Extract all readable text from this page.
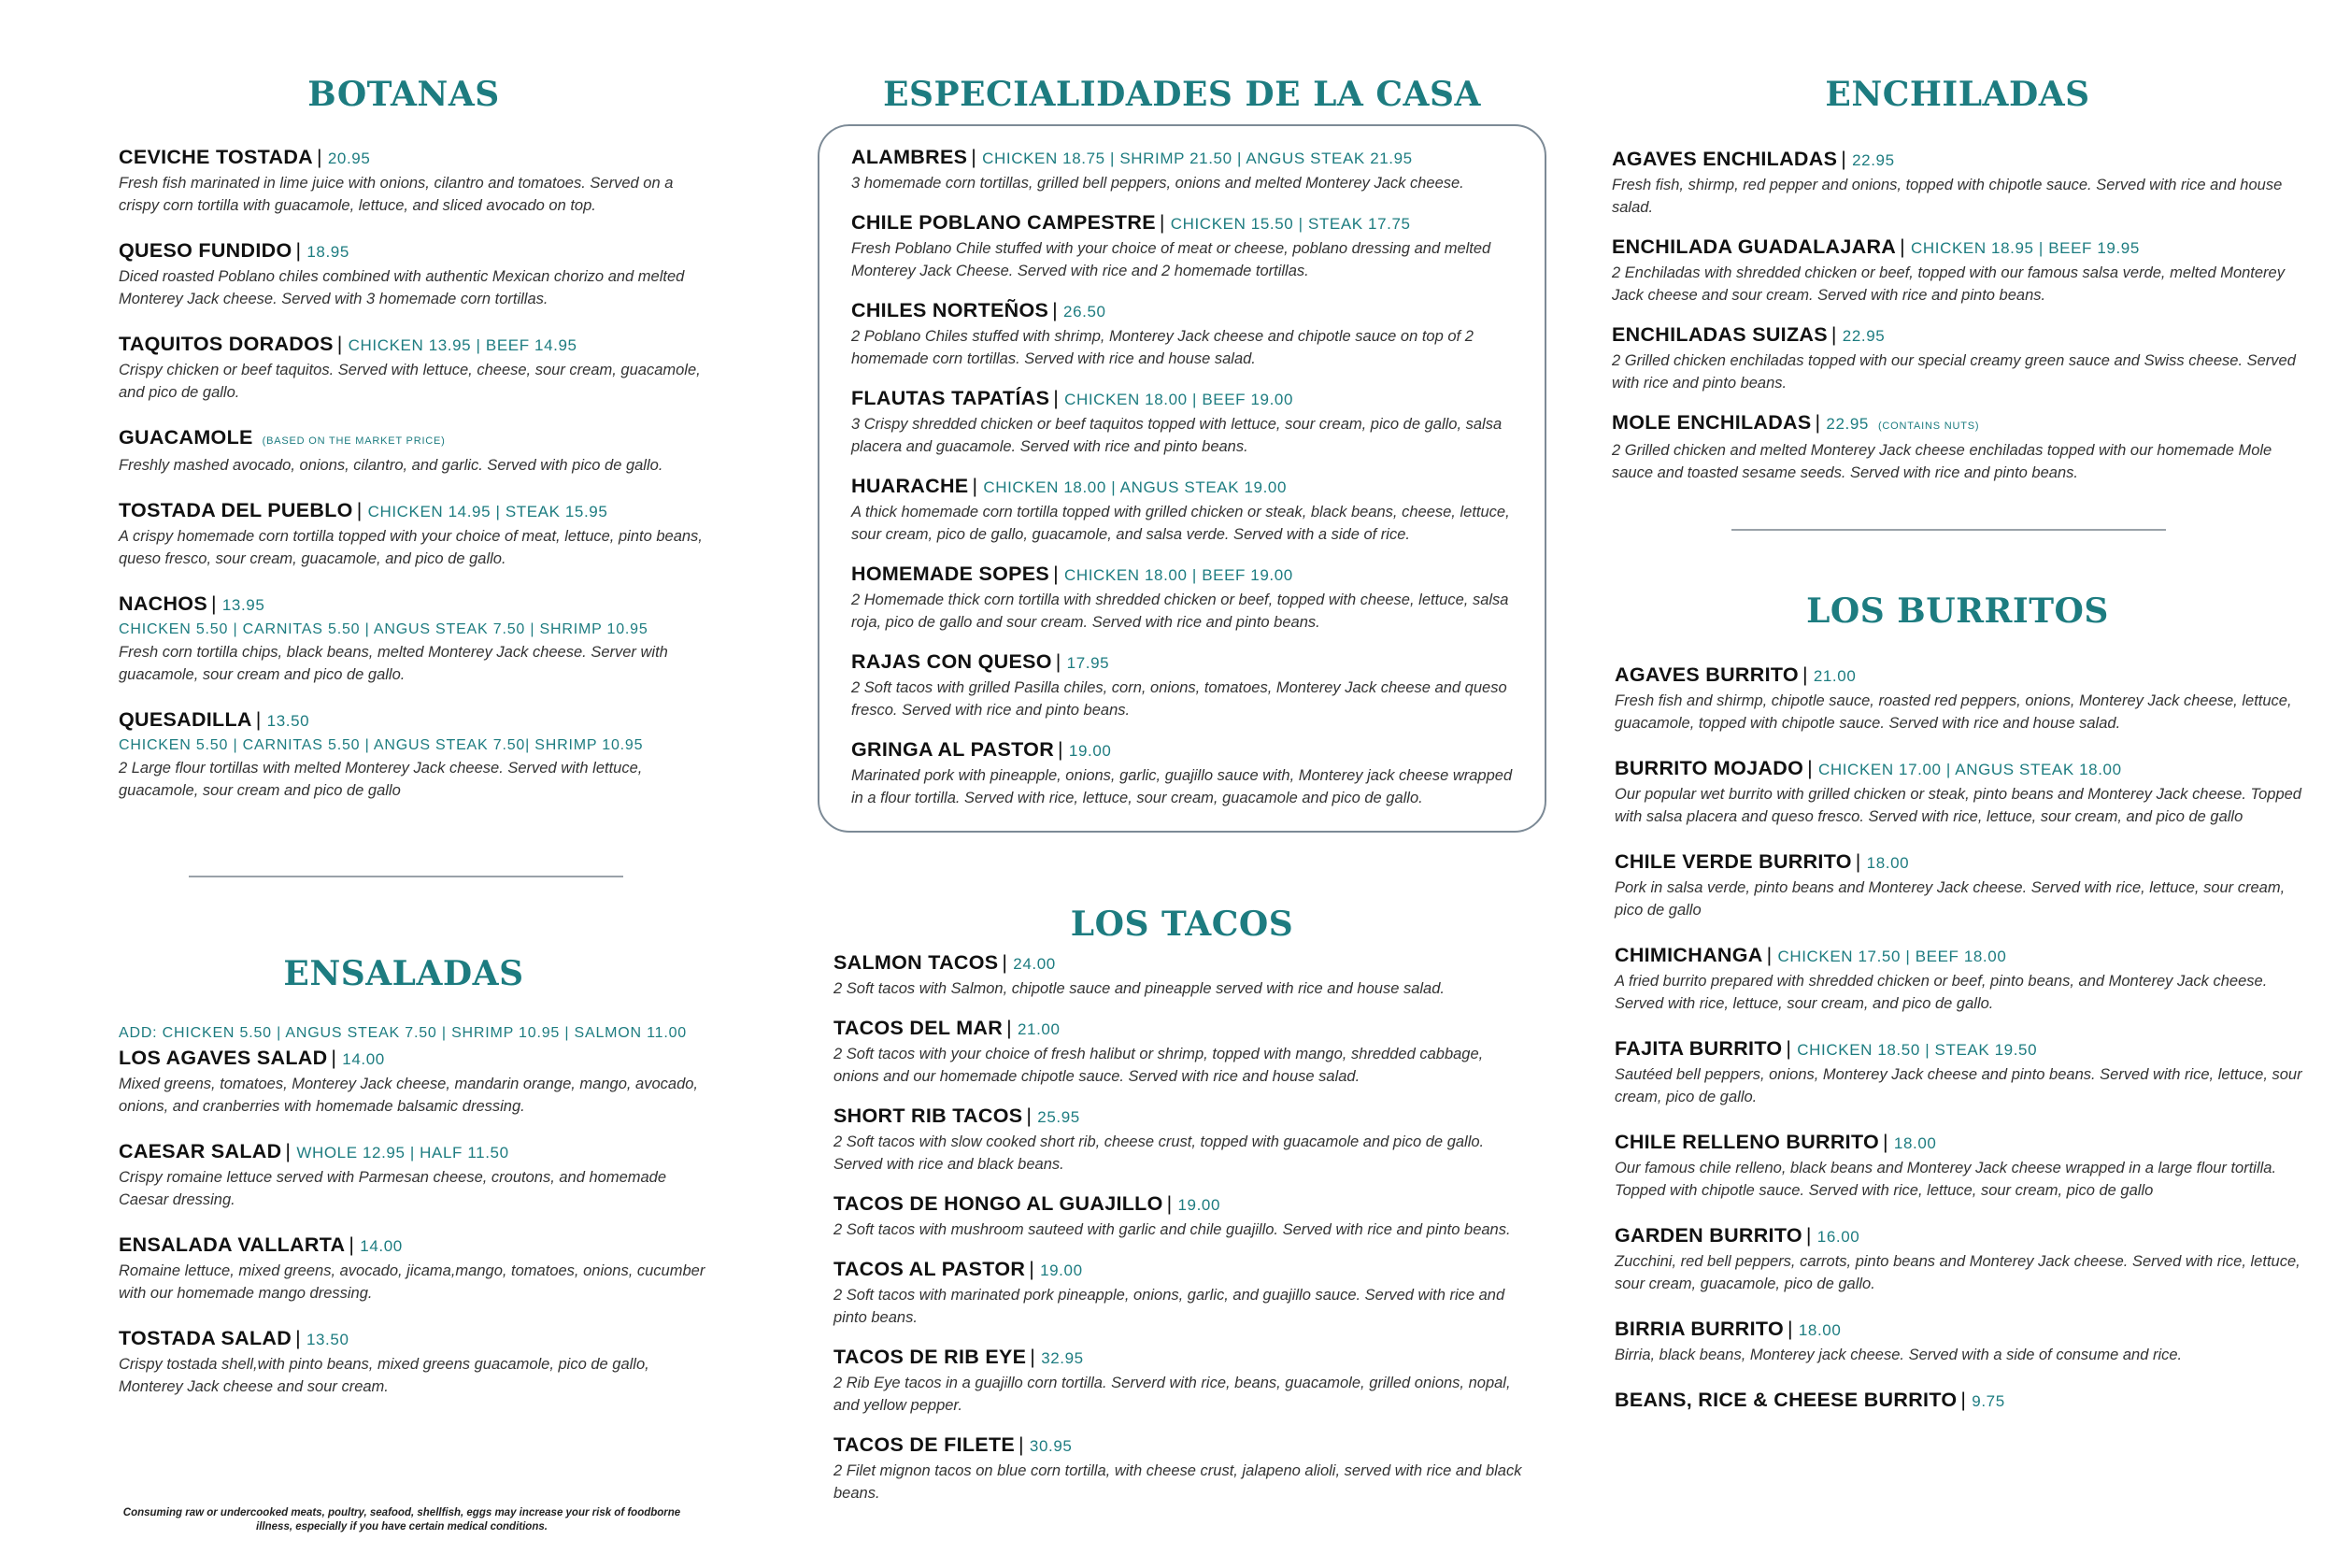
BOTANAS
CEVICHE TOSTADA | 20.95
Fresh fish marinated in lime juice with onions, cilantro and tomatoes. Served on a crispy corn tortilla with guacamole, lettuce, and sliced avocado on top.
QUESO FUNDIDO | 18.95
Diced roasted Poblano chiles combined with authentic Mexican chorizo and melted Monterey Jack cheese. Served with 3 homemade corn tortillas.
TAQUITOS DORADOS | CHICKEN 13.95 | BEEF 14.95
Crispy chicken or beef taquitos. Served with lettuce, cheese, sour cream, guacamole, and pico de gallo.
GUACAMOLE (BASED ON THE MARKET PRICE)
Freshly mashed avocado, onions, cilantro, and garlic. Served with pico de gallo.
TOSTADA DEL PUEBLO | CHICKEN 14.95 | STEAK 15.95
A crispy homemade corn tortilla topped with your choice of meat, lettuce, pinto beans, queso fresco, sour cream, guacamole, and pico de gallo.
NACHOS | 13.95
CHICKEN 5.50 | CARNITAS 5.50 | ANGUS STEAK 7.50 | SHRIMP 10.95
Fresh corn tortilla chips, black beans, melted Monterey Jack cheese. Server with guacamole, sour cream and pico de gallo.
QUESADILLA | 13.50
CHICKEN 5.50 | CARNITAS 5.50 | ANGUS STEAK 7.50| SHRIMP 10.95
2 Large flour tortillas with melted Monterey Jack cheese. Served with lettuce, guacamole, sour cream and pico de gallo
ENSALADAS
ADD: CHICKEN 5.50 | ANGUS STEAK 7.50 | SHRIMP 10.95 | SALMON 11.00
LOS AGAVES SALAD | 14.00
Mixed greens, tomatoes, Monterey Jack cheese, mandarin orange, mango, avocado, onions, and cranberries with homemade balsamic dressing.
CAESAR SALAD | WHOLE 12.95 | HALF 11.50
Crispy romaine lettuce served with Parmesan cheese, croutons, and homemade Caesar dressing.
ENSALADA VALLARTA | 14.00
Romaine lettuce, mixed greens, avocado, jicama,mango, tomatoes, onions, cucumber with our homemade mango dressing.
TOSTADA SALAD | 13.50
Crispy tostada shell,with pinto beans, mixed greens guacamole, pico de gallo, Monterey Jack cheese and sour cream.
ESPECIALIDADES DE LA CASA
ALAMBRES | CHICKEN 18.75 | SHRIMP 21.50 | ANGUS STEAK 21.95
3 homemade corn tortillas, grilled bell peppers, onions and melted Monterey Jack cheese.
CHILE POBLANO CAMPESTRE | CHICKEN 15.50 | STEAK 17.75
Fresh Poblano Chile stuffed with your choice of meat or cheese, poblano dressing and melted Monterey Jack Cheese. Served with rice and 2 homemade tortillas.
CHILES NORTEÑOS | 26.50
2 Poblano Chiles stuffed with shrimp, Monterey Jack cheese and chipotle sauce on top of 2 homemade corn tortillas. Served with rice and house salad.
FLAUTAS TAPATÍAS | CHICKEN 18.00 | BEEF 19.00
3 Crispy shredded chicken or beef taquitos topped with lettuce, sour cream, pico de gallo, salsa placera and guacamole. Served with rice and pinto beans.
HUARACHE | CHICKEN 18.00 | ANGUS STEAK 19.00
A thick homemade corn tortilla topped with grilled chicken or steak, black beans, cheese, lettuce, sour cream, pico de gallo, guacamole, and salsa verde. Served with a side of rice.
HOMEMADE SOPES | CHICKEN 18.00 | BEEF 19.00
2 Homemade thick corn tortilla with shredded chicken or beef, topped with cheese, lettuce, salsa roja, pico de gallo and sour cream. Served with rice and pinto beans.
RAJAS CON QUESO | 17.95
2 Soft tacos with grilled Pasilla chiles, corn, onions, tomatoes, Monterey Jack cheese and queso fresco. Served with rice and pinto beans.
GRINGA AL PASTOR | 19.00
Marinated pork with pineapple, onions, garlic, guajillo sauce with, Monterey jack cheese wrapped in a flour tortilla. Served with rice, lettuce, sour cream, guacamole and pico de gallo.
LOS TACOS
SALMON TACOS | 24.00
2 Soft tacos with Salmon, chipotle sauce and pineapple served with rice and house salad.
TACOS DEL MAR | 21.00
2 Soft tacos with your choice of fresh halibut or shrimp, topped with mango, shredded cabbage, onions and our homemade chipotle sauce. Served with rice and house salad.
SHORT RIB TACOS | 25.95
2 Soft tacos with slow cooked short rib, cheese crust, topped with guacamole and pico de gallo. Served with rice and black beans.
TACOS DE HONGO AL GUAJILLO | 19.00
2 Soft tacos with mushroom sauteed with garlic and chile guajillo. Served with rice and pinto beans.
TACOS AL PASTOR | 19.00
2 Soft tacos with marinated pork pineapple, onions, garlic, and guajillo sauce. Served with rice and pinto beans.
TACOS DE RIB EYE | 32.95
2 Rib Eye tacos in a guajillo corn tortilla. Serverd with rice, beans, guacamole, grilled onions, nopal, and yellow pepper.
TACOS DE FILETE | 30.95
2 Filet mignon tacos on blue corn tortilla, with cheese crust, jalapeno alioli, served with rice and black beans.
ENCHILADAS
AGAVES ENCHILADAS | 22.95
Fresh fish, shirmp, red pepper and onions, topped with chipotle sauce. Served with rice and house salad.
ENCHILADA GUADALAJARA | CHICKEN 18.95 | BEEF 19.95
2 Enchiladas with shredded chicken or beef, topped with our famous salsa verde, melted Monterey Jack cheese and sour cream. Served with rice and pinto beans.
ENCHILADAS SUIZAS | 22.95
2 Grilled chicken enchiladas topped with our special creamy green sauce and Swiss cheese. Served with rice and pinto beans.
MOLE ENCHILADAS | 22.95 (CONTAINS NUTS)
2 Grilled chicken and melted Monterey Jack cheese enchiladas topped with our homemade Mole sauce and toasted sesame seeds. Served with rice and pinto beans.
LOS BURRITOS
AGAVES BURRITO | 21.00
Fresh fish and shirmp, chipotle sauce, roasted red peppers, onions, Monterey Jack cheese, lettuce, guacamole, topped with chipotle sauce. Served with rice and house salad.
BURRITO MOJADO | CHICKEN 17.00 | ANGUS STEAK 18.00
Our popular wet burrito with grilled chicken or steak, pinto beans and Monterey Jack cheese. Topped with salsa placera and queso fresco. Served with rice, lettuce, sour cream, and pico de gallo
CHILE VERDE BURRITO | 18.00
Pork in salsa verde, pinto beans and Monterey Jack cheese. Served with rice, lettuce, sour cream, pico de gallo
CHIMICHANGA | CHICKEN 17.50 | BEEF 18.00
A fried burrito prepared with shredded chicken or beef, pinto beans, and Monterey Jack cheese. Served with rice, lettuce, sour cream, and pico de gallo.
FAJITA BURRITO | CHICKEN 18.50 | STEAK 19.50
Sautéed bell peppers, onions, Monterey Jack cheese and pinto beans. Served with rice, lettuce, sour cream, pico de gallo.
CHILE RELLENO BURRITO | 18.00
Our famous chile relleno, black beans and Monterey Jack cheese wrapped in a large flour tortilla. Topped with chipotle sauce. Served with rice, lettuce, sour cream, pico de gallo
GARDEN BURRITO | 16.00
Zucchini, red bell peppers, carrots, pinto beans and Monterey Jack cheese. Served with rice, lettuce, sour cream, guacamole, pico de gallo.
BIRRIA BURRITO | 18.00
Birria, black beans, Monterey jack cheese. Served with a side of consume and rice.
BEANS, RICE & CHEESE BURRITO | 9.75
Consuming raw or undercooked meats, poultry, seafood, shellfish, eggs may increase your risk of foodborne illness, especially if you have certain medical conditions.
